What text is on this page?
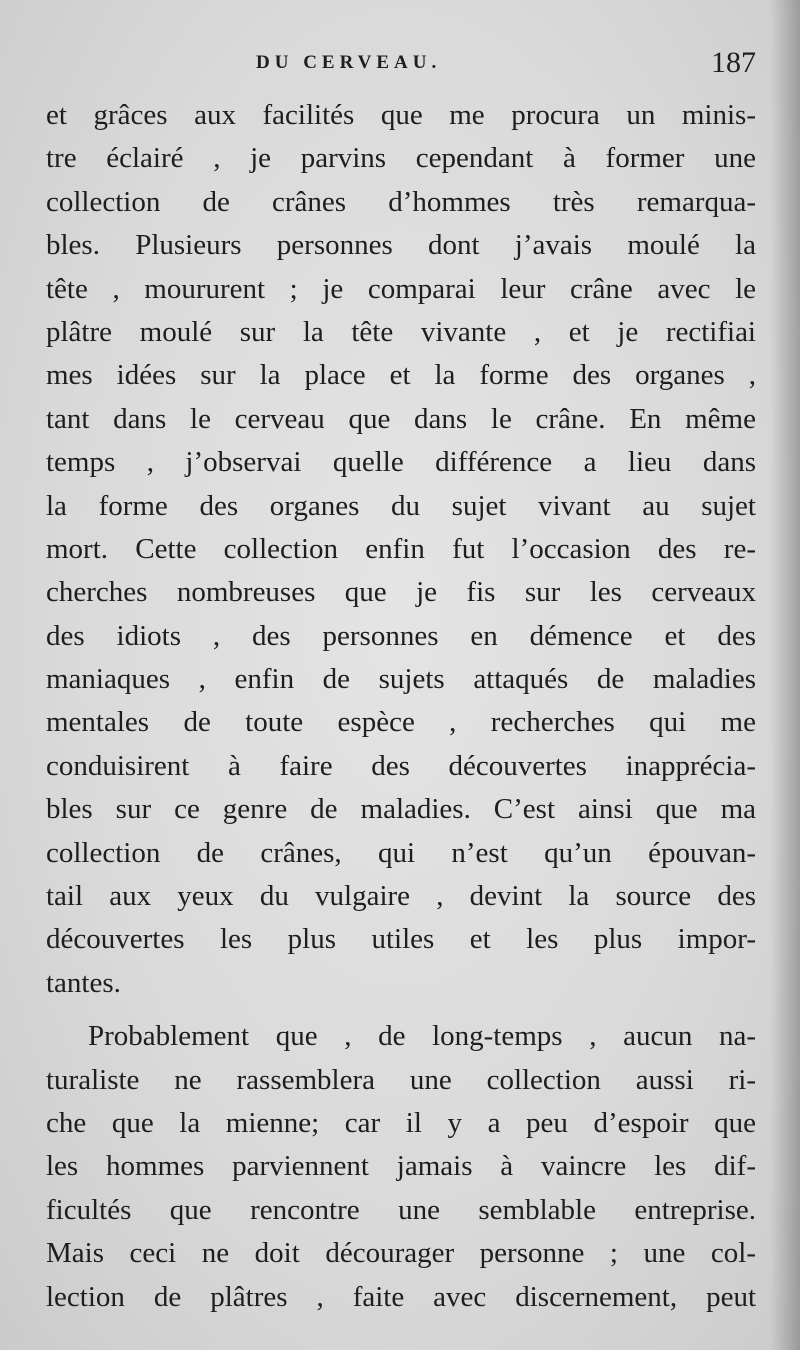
DU CERVEAU.	187
et grâces aux facilités que me procura un minis-
tre éclairé , je parvins cependant à former une
collection de crânes d’hommes très remarqua-
bles. Plusieurs personnes dont j’avais moulé la
tête , moururent ; je comparai leur crâne avec le
plâtre moulé sur la tête vivante , et je rectifiai
mes idées sur la place et la forme des organes ,
tant dans le cerveau que dans le crâne. En même
temps , j’observai quelle différence a lieu dans
la forme des organes du sujet vivant au sujet
mort. Cette collection enfin fut l’occasion des re-
cherches nombreuses que je fis sur les cerveaux
des idiots , des personnes en démence et des
maniaques , enfin de sujets attaqués de maladies
mentales de toute espèce , recherches qui me
conduisirent à faire des découvertes inappréciа-
bles sur ce genre de maladies. C’est ainsi que ma
collection de crânes, qui n’est qu’un épouvan-
tail aux yeux du vulgaire , devint la source des
découvertes les plus utiles et les plus impor-
tantes.
Probablement que , de long-temps , aucun na-
turaliste ne rassemblera une collection aussi ri-
che que la mienne; car il y a peu d’espoir que
les hommes parviennent jamais à vaincre les dif-
ficultés que rencontre une semblable entreprise.
Mais ceci ne doit décourager personne ; une col-
lection de plâtres , faite avec discernement, peut
